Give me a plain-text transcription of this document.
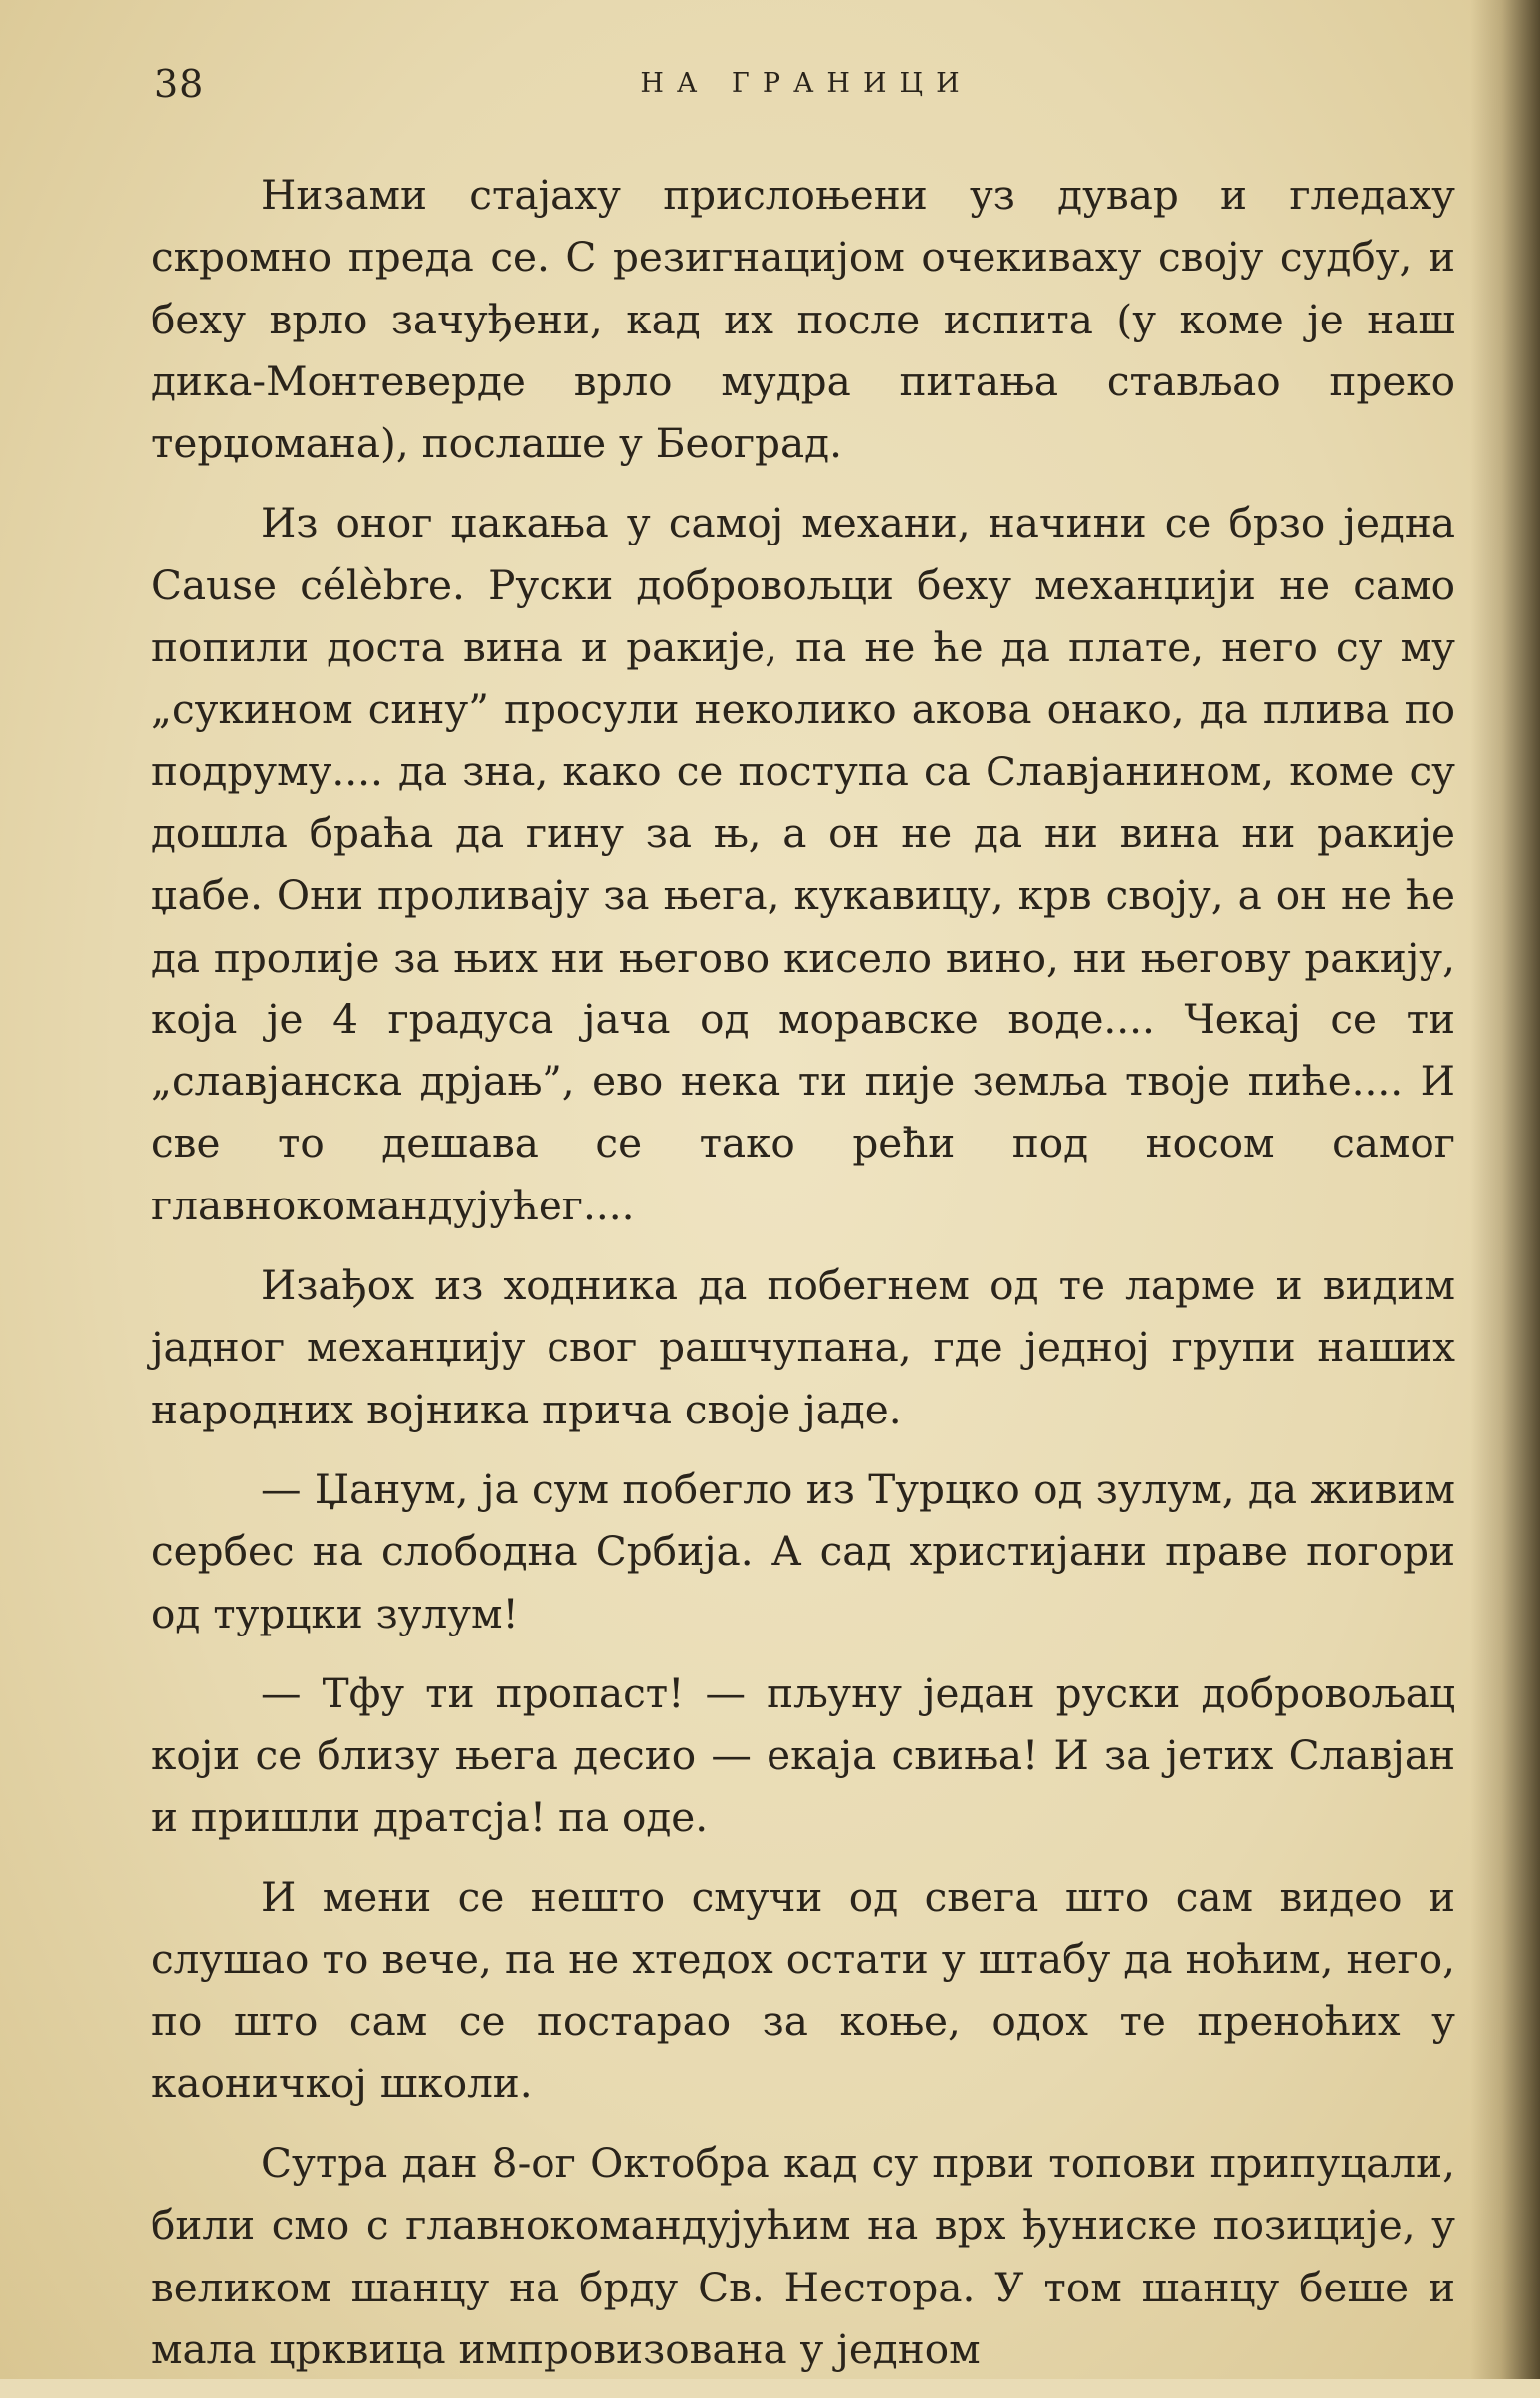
38	НА ГРАНИЦИ

Низами стајаху прислоњени уз дувар и гледаху скромно преда се. С резигнацијом очекиваху своју судбу, и беху врло зачуђени, кад их после испита (у коме је наш дика-Монтеверде врло мудра питања стављао преко терџомана), послаше у Београд.

Из оног џакања у самој механи, начини се брзо једна Cause célèbre. Руски добровољци беху механџији не само попили доста вина и ракије, па не ће да плате, него су му „сукином сину” просули неколико акова онако, да плива по подруму.... да зна, како се поступа са Славјанином, коме су дошла браћа да гину за њ, а он не да ни вина ни ракије џабе. Они проливају за њега, кукавицу, крв своју, а он не ће да пролије за њих ни његово кисело вино, ни његову ракију, која је 4 градуса јача од моравске воде.... Чекај се ти „славјанска дрјањ”, ево нека ти пије земља твоје пиће.... И све то дешава се тако реħи под носом самог главнокомандујућег....

Изађох из ходника да побегнем од те ларме и видим јадног механџију свог рашчупана, где једној групи наших народних војника прича своје јаде.

— Џанум, ја сум побегло из Турцко од зулум, да живим сербес на слободна Србија. А сад христијани праве погори од турцки зулум!

— Тфу ти пропаст! — пљуну један руски добровољац који се близу њега десио — екаја свиња! И за јетих Славјан и пришли дратсја! па оде.

И мени се нешто смучи од свега што сам видео и слушао то вече, па не хтедох остати у штабу да ноћим, него, по што сам се постарао за коње, одох те преноћих у каоничкој школи.

Сутра дан 8-ог Октобра кад су први топови припуцали, били смо с главнокомандујућим на врх ђуниске позиције, у великом шанцу на брду Св. Нестора. У том шанцу беше и мала црквица импровизована у једном
